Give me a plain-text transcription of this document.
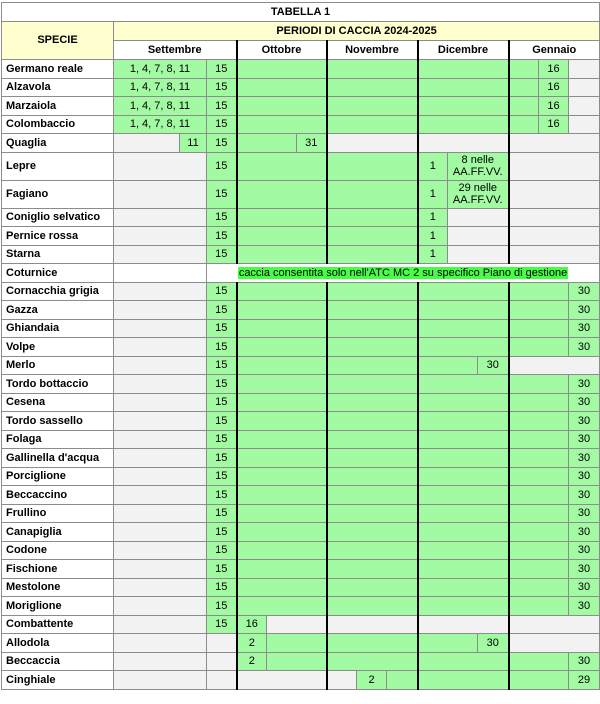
TABELLA 1															
SPECIE	PERIODI DI CACCIA 2024-2025														
	Settembre			Ottobre			Novembre			Dicembre			Gennaio		
Germano reale	1, 4, 7, 8, 11		15											16	
Alzavola	1, 4, 7, 8, 11		15											16	
Marzaiola	1, 4, 7, 8, 11		15											16	
Colombaccio	1, 4, 7, 8, 11		15											16	
Quaglia		11	15			31									
Lepre			15							1	8 nelle AA.FF.VV.				
Fagiano			15							1	29 nelle AA.FF.VV.				
Coniglio selvatico			15							1					
Pernice rossa			15							1					
Starna			15							1					
Coturnice			caccia consentita solo nell'ATC MC 2 su specifico Piano di gestione												
Cornacchia grigia			15												30
Gazza			15												30
Ghiandaia			15												30
Volpe			15												30
Merlo			15									30			
Tordo bottaccio			15												30
Cesena			15												30
Tordo sassello			15												30
Folaga			15												30
Gallinella d'acqua			15												30
Porciglione			15												30
Beccaccino			15												30
Frullino			15												30
Canapiglia			15												30
Codone			15												30
Fischione			15												30
Mestolone			15												30
Moriglione			15												30
Combattente			15	16											
Allodola				2								30			
Beccaccia				2											30
Cinghiale								2							29
